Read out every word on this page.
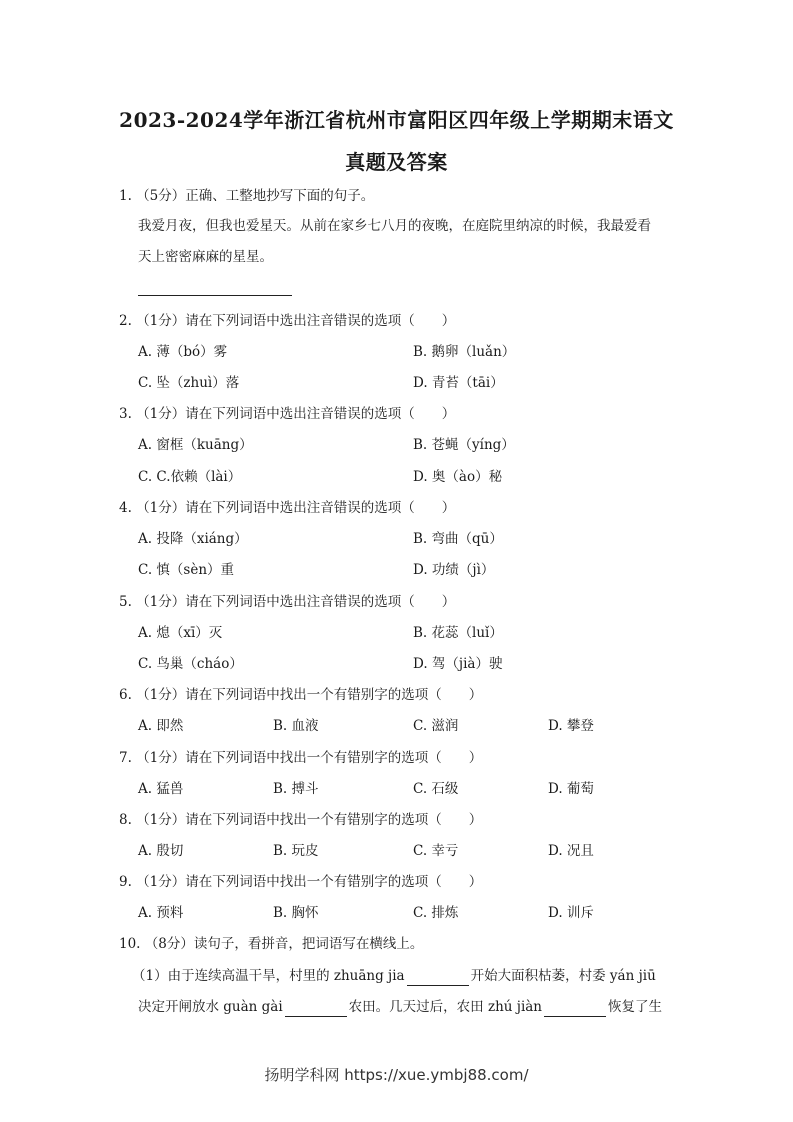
2023-2024学年浙江省杭州市富阳区四年级上学期期末语文
真题及答案
1. （5分）正确、工整地抄写下面的句子。
我爱月夜，但我也爱星天。从前在家乡七八月的夜晚，在庭院里纳凉的时候，我最爱看
天上密密麻麻的星星。
2. （1分）请在下列词语中选出注音错误的选项（　　）
A. 薄（bó）雾	B. 鹅卵（luǎn）
C. 坠（zhuì）落	D. 青苔（tāi）
3. （1分）请在下列词语中选出注音错误的选项（　　）
A. 窗框（kuāng）	B. 苍蝇（yíng）
C. C.依赖（lài）	D. 奥（ào）秘
4. （1分）请在下列词语中选出注音错误的选项（　　）
A. 投降（xiáng）	B. 弯曲（qū）
C. 慎（sèn）重	D. 功绩（jì）
5. （1分）请在下列词语中选出注音错误的选项（　　）
A. 熄（xī）灭	B. 花蕊（luǐ）
C. 鸟巢（cháo）	D. 驾（jià）驶
6. （1分）请在下列词语中找出一个有错别字的选项（　　）
A. 即然	B. 血液	C. 滋润	D. 攀登
7. （1分）请在下列词语中找出一个有错别字的选项（　　）
A. 猛兽	B. 搏斗	C. 石级	D. 葡萄
8. （1分）请在下列词语中找出一个有错别字的选项（　　）
A. 殷切	B. 玩皮	C. 幸亏	D. 况且
9. （1分）请在下列词语中找出一个有错别字的选项（　　）
A. 预料	B. 胸怀	C. 排炼	D. 训斥
10. （8分）读句子，看拼音，把词语写在横线上。
（1）由于连续高温干旱，村里的 zhuāng jia	开始大面积枯萎，村委 yán jiū
决定开闸放水 guàn gài	农田。几天过后，农田 zhú jiàn	恢复了生
扬明学科网 https://xue.ymbj88.com/
